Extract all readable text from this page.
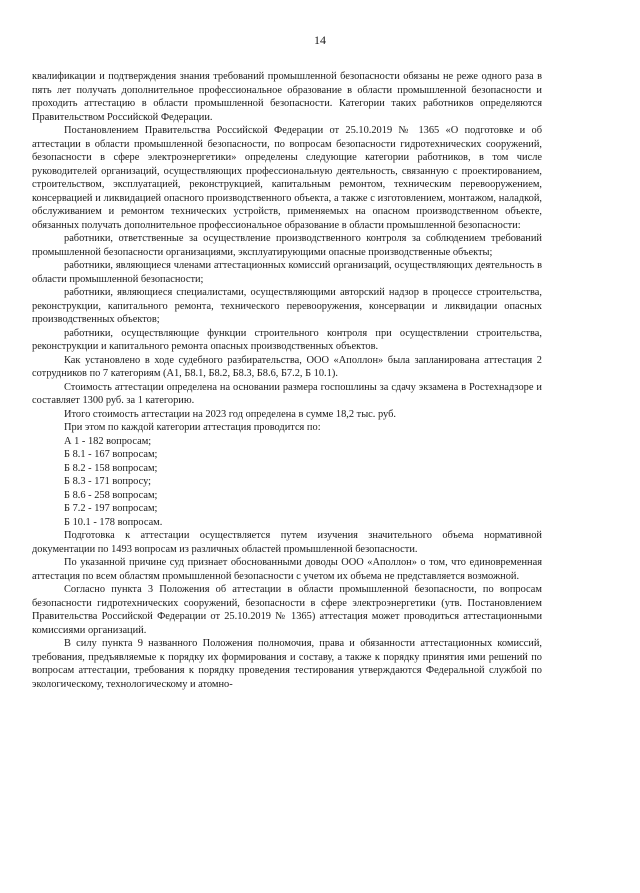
14

квалификации и подтверждения знания требований промышленной безопасности обязаны не реже одного раза в пять лет получать дополнительное профессиональное образование в области промышленной безопасности и проходить аттестацию в области промышленной безопасности. Категории таких работников определяются Правительством Российской Федерации.

Постановлением Правительства Российской Федерации от 25.10.2019 № 1365 «О подготовке и об аттестации в области промышленной безопасности, по вопросам безопасности гидротехнических сооружений, безопасности в сфере электроэнергетики» определены следующие категории работников, в том числе руководителей организаций, осуществляющих профессиональную деятельность, связанную с проектированием, строительством, эксплуатацией, реконструкцией, капитальным ремонтом, техническим перевооружением, консервацией и ликвидацией опасного производственного объекта, а также с изготовлением, монтажом, наладкой, обслуживанием и ремонтом технических устройств, применяемых на опасном производственном объекте, обязанных получать дополнительное профессиональное образование в области промышленной безопасности:

работники, ответственные за осуществление производственного контроля за соблюдением требований промышленной безопасности организациями, эксплуатирующими опасные производственные объекты;

работники, являющиеся членами аттестационных комиссий организаций, осуществляющих деятельность в области промышленной безопасности;

работники, являющиеся специалистами, осуществляющими авторский надзор в процессе строительства, реконструкции, капитального ремонта, технического перевооружения, консервации и ликвидации опасных производственных объектов;

работники, осуществляющие функции строительного контроля при осуществлении строительства, реконструкции и капитального ремонта опасных производственных объектов.

Как установлено в ходе судебного разбирательства, ООО «Аполлон» была запланирована аттестация 2 сотрудников по 7 категориям (А1, Б8.1, Б8.2, Б8.3, Б8.6, Б7.2, Б 10.1).

Стоимость аттестации определена на основании размера госпошлины за сдачу экзамена в Ростехнадзоре и составляет 1300 руб. за 1 категорию.

Итого стоимость аттестации на 2023 год определена в сумме 18,2 тыс. руб.

При этом по каждой категории аттестация проводится по:

А 1 - 182 вопросам;

Б 8.1 - 167 вопросам;

Б 8.2 - 158 вопросам;

Б 8.3 - 171 вопросу;

Б 8.6 - 258 вопросам;

Б 7.2 - 197 вопросам;

Б 10.1 - 178 вопросам.

Подготовка к аттестации осуществляется путем изучения значительного объема нормативной документации по 1493 вопросам из различных областей промышленной безопасности.

По указанной причине суд признает обоснованными доводы ООО «Аполлон» о том, что единовременная аттестация по всем областям промышленной безопасности с учетом их объема не представляется возможной.

Согласно пункта 3 Положения об аттестации в области промышленной безопасности, по вопросам безопасности гидротехнических сооружений, безопасности в сфере электроэнергетики (утв. Постановлением Правительства Российской Федерации от 25.10.2019 № 1365) аттестация может проводиться аттестационными комиссиями организаций.

В силу пункта 9 названного Положения полномочия, права и обязанности аттестационных комиссий, требования, предъявляемые к порядку их формирования и составу, а также к порядку принятия ими решений по вопросам аттестации, требования к порядку проведения тестирования утверждаются Федеральной службой по экологическому, технологическому и атомно-
